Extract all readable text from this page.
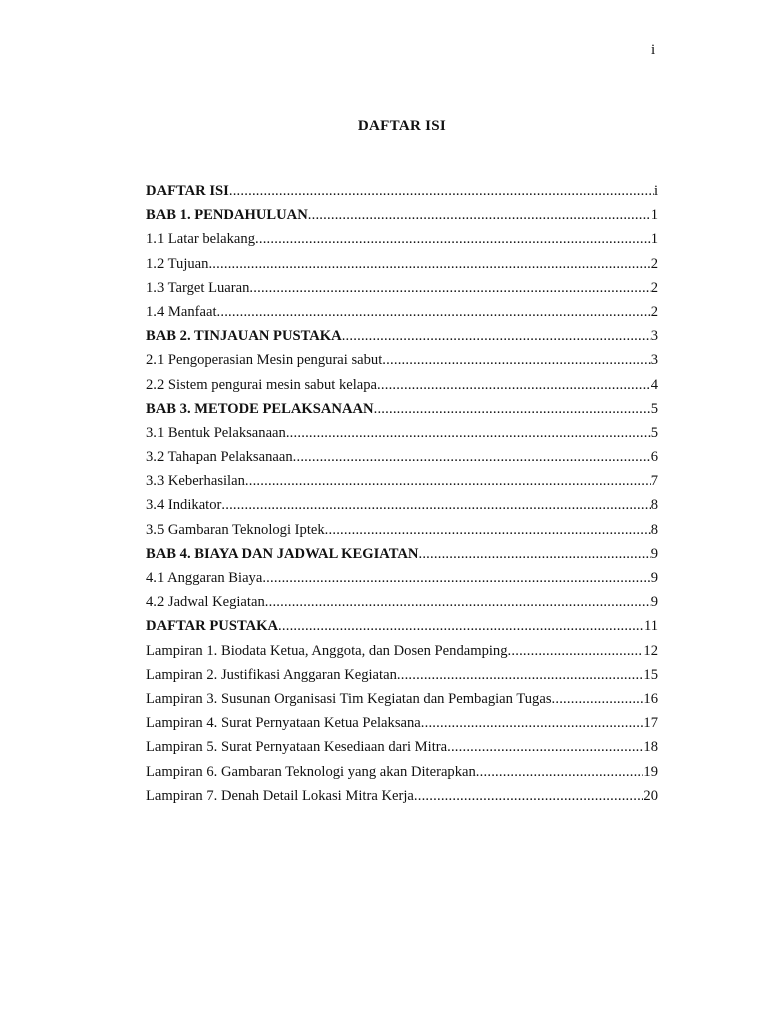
i
DAFTAR ISI
DAFTAR ISI .....	i
BAB 1. PENDAHULUAN .....	1
1.1 Latar belakang .....	1
1.2 Tujuan .....	2
1.3 Target Luaran .....	2
1.4 Manfaat .....	2
BAB 2. TINJAUAN PUSTAKA .....	3
2.1 Pengoperasian Mesin pengurai sabut .....	3
2.2 Sistem pengurai mesin sabut kelapa .....	4
BAB 3. METODE PELAKSANAAN .....	5
3.1 Bentuk Pelaksanaan .....	5
3.2 Tahapan Pelaksanaan .....	6
3.3 Keberhasilan .....	7
3.4 Indikator .....	8
3.5 Gambaran Teknologi Iptek .....	8
BAB 4. BIAYA DAN JADWAL KEGIATAN .....	9
4.1 Anggaran Biaya .....	9
4.2 Jadwal Kegiatan .....	9
DAFTAR PUSTAKA .....	11
Lampiran 1. Biodata Ketua, Anggota, dan Dosen Pendamping .....	12
Lampiran 2. Justifikasi Anggaran Kegiatan .....	15
Lampiran 3. Susunan Organisasi Tim Kegiatan dan Pembagian Tugas .....	16
Lampiran 4. Surat Pernyataan Ketua Pelaksana .....	17
Lampiran 5. Surat Pernyataan Kesediaan dari Mitra .....	18
Lampiran 6. Gambaran Teknologi yang akan Diterapkan .....	19
Lampiran 7. Denah Detail Lokasi Mitra Kerja .....	20
